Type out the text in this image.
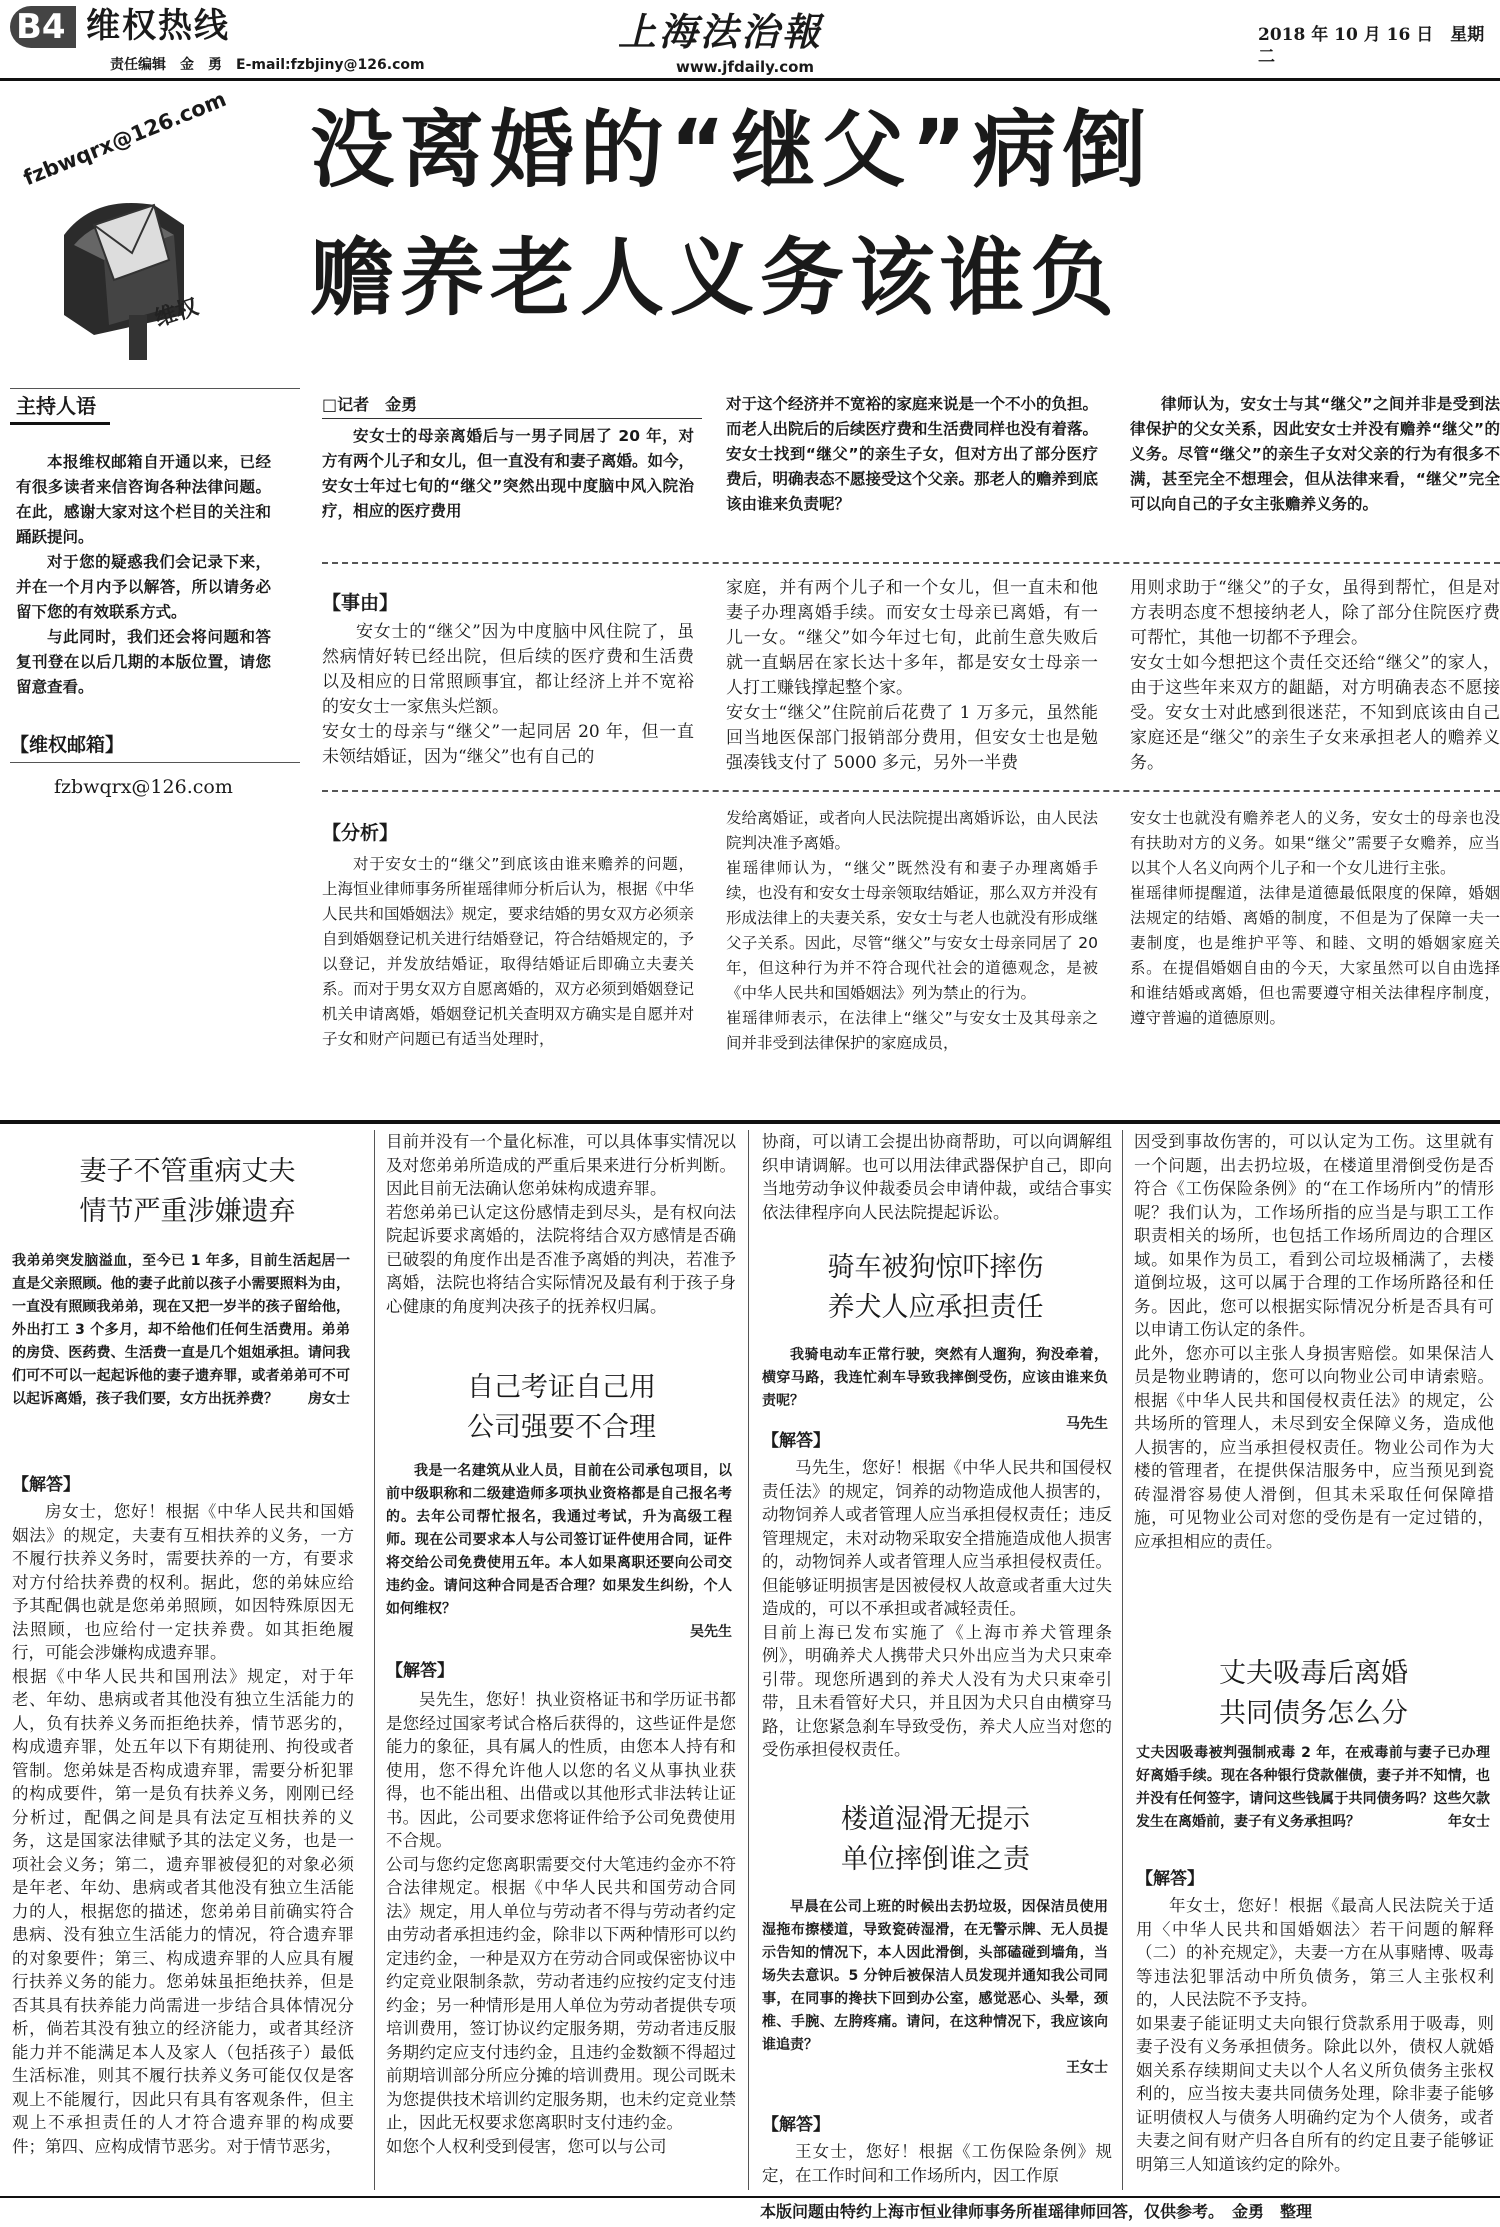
B4 维权热线
责任编辑　金　勇　E-mail:fzbjiny@126.com
上海法治報
www.jfdaily.com
2018 年 10 月 16 日　星期二
fzbwqrx@126.com
维权
没离婚的“继父”病倒
赡养老人义务该谁负
主持人语

本报维权邮箱自开通以来，已经有很多读者来信咨询各种法律问题。在此，感谢大家对这个栏目的关注和踊跃提问。

对于您的疑惑我们会记录下来，并在一个月内予以解答，所以请务必留下您的有效联系方式。

与此同时，我们还会将问题和答复刊登在以后几期的本版位置，请您留意查看。

【维权邮箱】
fzbwqrx@126.com
□记者　金勇
安女士的母亲离婚后与一男子同居了 20 年，对方有两个儿子和女儿，但一直没有和妻子离婚。如今，安女士年过七旬的“继父”突然出现中度脑中风入院治疗，相应的医疗费用
对于这个经济并不宽裕的家庭来说是一个不小的负担。而老人出院后的后续医疗费和生活费同样也没有着落。安女士找到“继父”的亲生子女，但对方出了部分医疗费后，明确表态不愿接受这个父亲。那老人的赡养到底该由谁来负责呢？
律师认为，安女士与其“继父”之间并非是受到法律保护的父女关系，因此安女士并没有赡养“继父”的义务。尽管“继父”的亲生子女对父亲的行为有很多不满，甚至完全不想理会，但从法律来看，“继父”完全可以向自己的子女主张赡养义务的。
【事由】
安女士的“继父”因为中度脑中风住院了，虽然病情好转已经出院，但后续的医疗费和生活费以及相应的日常照顾事宜，都让经济上并不宽裕的安女士一家焦头烂额。
安女士的母亲与“继父”一起同居 20 年，但一直未领结婚证，因为“继父”也有自己的
家庭，并有两个儿子和一个女儿，但一直未和他妻子办理离婚手续。而安女士母亲已离婚，有一儿一女。“继父”如今年过七旬，此前生意失败后就一直蜗居在家长达十多年，都是安女士母亲一人打工赚钱撑起整个家。
安女士“继父”住院前后花费了 1 万多元，虽然能回当地医保部门报销部分费用，但安女士也是勉强凑钱支付了 5000 多元，另外一半费
用则求助于“继父”的子女，虽得到帮忙，但是对方表明态度不想接纳老人，除了部分住院医疗费可帮忙，其他一切都不予理会。
安女士如今想把这个责任交还给“继父”的家人，由于这些年来双方的龃龉，对方明确表态不愿接受。安女士对此感到很迷茫，不知到底该由自己家庭还是“继父”的亲生子女来承担老人的赡养义务。
【分析】
对于安女士的“继父”到底该由谁来赡养的问题，上海恒业律师事务所崔瑶律师分析后认为，根据《中华人民共和国婚姻法》规定，要求结婚的男女双方必须亲自到婚姻登记机关进行结婚登记，符合结婚规定的，予以登记，并发放结婚证，取得结婚证后即确立夫妻关系。而对于男女双方自愿离婚的，双方必须到婚姻登记机关申请离婚，婚姻登记机关查明双方确实是自愿并对子女和财产问题已有适当处理时，
发给离婚证，或者向人民法院提出离婚诉讼，由人民法院判决准予离婚。
崔瑶律师认为，“继父”既然没有和妻子办理离婚手续，也没有和安女士母亲领取结婚证，那么双方并没有形成法律上的夫妻关系，安女士与老人也就没有形成继父子关系。因此，尽管“继父”与安女士母亲同居了 20 年，但这种行为并不符合现代社会的道德观念，是被《中华人民共和国婚姻法》列为禁止的行为。
崔瑶律师表示，在法律上“继父”与安女士及其母亲之间并非受到法律保护的家庭成员，
安女士也就没有赡养老人的义务，安女士的母亲也没有扶助对方的义务。如果“继父”需要子女赡养，应当以其个人名义向两个儿子和一个女儿进行主张。
崔瑶律师提醒道，法律是道德最低限度的保障，婚姻法规定的结婚、离婚的制度，不但是为了保障一夫一妻制度，也是维护平等、和睦、文明的婚姻家庭关系。在提倡婚姻自由的今天，大家虽然可以自由选择和谁结婚或离婚，但也需要遵守相关法律程序制度，遵守普遍的道德原则。
妻子不管重病丈夫
情节严重涉嫌遗弃
我弟弟突发脑溢血，至今已 1 年多，目前生活起居一直是父亲照顾。他的妻子此前以孩子小需要照料为由，一直没有照顾我弟弟，现在又把一岁半的孩子留给他，外出打工 3 个多月，却不给他们任何生活费用。弟弟的房贷、医药费、生活费一直是几个姐姐承担。请问我们可不可以一起起诉他的妻子遗弃罪，或者弟弟可不可以起诉离婚，孩子我们要，女方出抚养费？ 房女士
【解答】
房女士，您好！根据《中华人民共和国婚姻法》的规定，夫妻有互相扶养的义务，一方不履行扶养义务时，需要扶养的一方，有要求对方付给扶养费的权利。据此，您的弟妹应给予其配偶也就是您弟弟照顾，如因特殊原因无法照顾，也应给付一定扶养费。如其拒绝履行，可能会涉嫌构成遗弃罪。
根据《中华人民共和国刑法》规定，对于年老、年幼、患病或者其他没有独立生活能力的人，负有扶养义务而拒绝扶养，情节恶劣的，构成遗弃罪，处五年以下有期徒刑、拘役或者管制。您弟妹是否构成遗弃罪，需要分析犯罪的构成要件，第一是负有扶养义务，刚刚已经分析过，配偶之间是具有法定互相扶养的义务，这是国家法律赋予其的法定义务，也是一项社会义务；第二，遗弃罪被侵犯的对象必须是年老、年幼、患病或者其他没有独立生活能力的人，根据您的描述，您弟弟目前确实符合患病、没有独立生活能力的情况，符合遗弃罪的对象要件；第三、构成遗弃罪的人应具有履行扶养义务的能力。您弟妹虽拒绝扶养，但是否其具有扶养能力尚需进一步结合具体情况分析，倘若其没有独立的经济能力，或者其经济能力并不能满足本人及家人（包括孩子）最低生活标准，则其不履行扶养义务可能仅仅是客观上不能履行，因此只有具有客观条件，但主观上不承担责任的人才符合遗弃罪的构成要件；第四、应构成情节恶劣。对于情节恶劣，
目前并没有一个量化标准，可以具体事实情况以及对您弟弟所造成的严重后果来进行分析判断。因此目前无法确认您弟妹构成遗弃罪。
若您弟弟已认定这份感情走到尽头，是有权向法院起诉要求离婚的，法院将结合双方感情是否确已破裂的角度作出是否准予离婚的判决，若准予离婚，法院也将结合实际情况及最有利于孩子身心健康的角度判决孩子的抚养权归属。
自己考证自己用
公司强要不合理
我是一名建筑从业人员，目前在公司承包项目，以前中级职称和二级建造师多项执业资格都是自己报名考的。去年公司帮忙报名，我通过考试，升为高级工程师。现在公司要求本人与公司签订证件使用合同，证件将交给公司免费使用五年。本人如果离职还要向公司交违约金。请问这种合同是否合理？如果发生纠纷，个人如何维权？
吴先生
【解答】
吴先生，您好！执业资格证书和学历证书都是您经过国家考试合格后获得的，这些证件是您能力的象征，具有属人的性质，由您本人持有和使用，您不得允许他人以您的名义从事执业获得，也不能出租、出借或以其他形式非法转让证书。因此，公司要求您将证件给予公司免费使用不合规。
公司与您约定您离职需要交付大笔违约金亦不符合法律规定。根据《中华人民共和国劳动合同法》规定，用人单位与劳动者不得与劳动者约定由劳动者承担违约金，除非以下两种情形可以约定违约金，一种是双方在劳动合同或保密协议中约定竞业限制条款，劳动者违约应按约定支付违约金；另一种情形是用人单位为劳动者提供专项培训费用，签订协议约定服务期，劳动者违反服务期约定应支付违约金，且违约金数额不得超过前期培训部分所应分摊的培训费用。现公司既未为您提供技术培训约定服务期，也未约定竞业禁止，因此无权要求您离职时支付违约金。
如您个人权利受到侵害，您可以与公司
协商，可以请工会提出协商帮助，可以向调解组织申请调解。也可以用法律武器保护自己，即向当地劳动争议仲裁委员会申请仲裁，或结合事实依法律程序向人民法院提起诉讼。
骑车被狗惊吓摔伤
养犬人应承担责任
我骑电动车正常行驶，突然有人遛狗，狗没牵着，横穿马路，我连忙刹车导致我摔倒受伤，应该由谁来负责呢？
马先生
【解答】
马先生，您好！根据《中华人民共和国侵权责任法》的规定，饲养的动物造成他人损害的，动物饲养人或者管理人应当承担侵权责任；违反管理规定，未对动物采取安全措施造成他人损害的，动物饲养人或者管理人应当承担侵权责任。但能够证明损害是因被侵权人故意或者重大过失造成的，可以不承担或者减轻责任。
目前上海已发布实施了《上海市养犬管理条例》，明确养犬人携带犬只外出应当为犬只束牵引带。现您所遇到的养犬人没有为犬只束牵引带，且未看管好犬只，并且因为犬只自由横穿马路，让您紧急刹车导致受伤，养犬人应当对您的受伤承担侵权责任。
楼道湿滑无提示
单位摔倒谁之责
早晨在公司上班的时候出去扔垃圾，因保洁员使用湿拖布擦楼道，导致瓷砖湿滑，在无警示牌、无人员提示告知的情况下，本人因此滑倒，头部磕碰到墙角，当场失去意识。5 分钟后被保洁人员发现并通知我公司同事，在同事的搀扶下回到办公室，感觉恶心、头晕，颈椎、手腕、左胯疼痛。请问，在这种情况下，我应该向谁追责？
王女士
【解答】
王女士，您好！根据《工伤保险条例》规定，在工作时间和工作场所内，因工作原
因受到事故伤害的，可以认定为工伤。这里就有一个问题，出去扔垃圾，在楼道里滑倒受伤是否符合《工伤保险条例》的“在工作场所内”的情形呢？我们认为，工作场所指的应当是与职工工作职责相关的场所，也包括工作场所周边的合理区域。如果作为员工，看到公司垃圾桶满了，去楼道倒垃圾，这可以属于合理的工作场所路径和任务。因此，您可以根据实际情况分析是否具有可以申请工伤认定的条件。
此外，您亦可以主张人身损害赔偿。如果保洁人员是物业聘请的，您可以向物业公司申请索赔。根据《中华人民共和国侵权责任法》的规定，公共场所的管理人，未尽到安全保障义务，造成他人损害的，应当承担侵权责任。物业公司作为大楼的管理者，在提供保洁服务中，应当预见到瓷砖湿滑容易使人滑倒，但其未采取任何保障措施，可见物业公司对您的受伤是有一定过错的，应承担相应的责任。
丈夫吸毒后离婚
共同债务怎么分
丈夫因吸毒被判强制戒毒 2 年，在戒毒前与妻子已办理好离婚手续。现在各种银行贷款催债，妻子并不知情，也并没有任何签字，请问这些钱属于共同债务吗？这些欠款发生在离婚前，妻子有义务承担吗？	年女士
【解答】
年女士，您好！根据《最高人民法院关于适用〈中华人民共和国婚姻法〉若干问题的解释（二）的补充规定》，夫妻一方在从事赌博、吸毒等违法犯罪活动中所负债务，第三人主张权利的，人民法院不予支持。
如果妻子能证明丈夫向银行贷款系用于吸毒，则妻子没有义务承担债务。除此以外，债权人就婚姻关系存续期间丈夫以个人名义所负债务主张权利的，应当按夫妻共同债务处理，除非妻子能够证明债权人与债务人明确约定为个人债务，或者夫妻之间有财产归各自所有的约定且妻子能够证明第三人知道该约定的除外。
本版问题由特约上海市恒业律师事务所崔瑶律师回答，仅供参考。　金勇　整理
